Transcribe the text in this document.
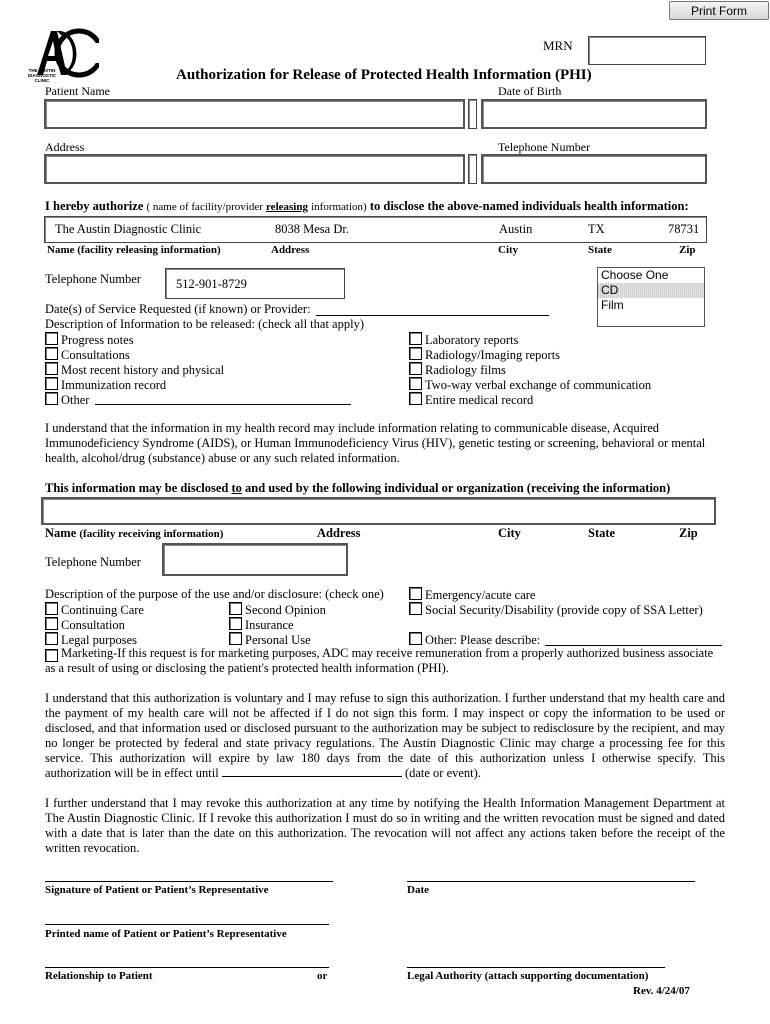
Print Form
THE AUSTIN DIAGNOSTIC CLINIC
MRN
Authorization for Release of Protected Health Information (PHI)
Patient Name	Date of Birth
Address	Telephone Number
I hereby authorize ( name of facility/provider releasing information) to disclose the above-named individuals health information:
The Austin Diagnostic Clinic	8038 Mesa Dr.	Austin	TX	78731
Name (facility releasing information)	Address	City	State	Zip
Telephone Number	512-901-8729
Choose One
CD
Film
Date(s) of Service Requested (if known) or Provider:
Description of Information to be released: (check all that apply)
Progress notes
Consultations
Most recent history and physical
Immunization record
Other
Laboratory reports
Radiology/Imaging reports
Radiology films
Two-way verbal exchange of communication
Entire medical record
I understand that the information in my health record may include information relating to communicable disease, Acquired Immunodeficiency Syndrome (AIDS), or Human Immunodeficiency Virus (HIV), genetic testing or screening, behavioral or mental health, alcohol/drug (substance) abuse or any such related information.
This information may be disclosed to and used by the following individual or organization (receiving the information)
Name (facility receiving information)	Address	City	State	Zip
Telephone Number
Description of the purpose of the use and/or disclosure: (check one)
Continuing Care
Consultation
Legal purposes
Second Opinion
Insurance
Personal Use
Emergency/acute care
Social Security/Disability (provide copy of SSA Letter)
Other: Please describe:
Marketing-If this request is for marketing purposes, ADC may receive remuneration from a properly authorized business associate as a result of using or disclosing the patient's protected health information (PHI).
I understand that this authorization is voluntary and I may refuse to sign this authorization. I further understand that my health care and the payment of my health care will not be affected if I do not sign this form. I may inspect or copy the information to be used or disclosed, and that information used or disclosed pursuant to the authorization may be subject to redisclosure by the recipient, and may no longer be protected by federal and state privacy regulations. The Austin Diagnostic Clinic may charge a processing fee for this service. This authorization will expire by law 180 days from the date of this authorization unless I otherwise specify. This
authorization will be in effect until	(date or event).
I further understand that I may revoke this authorization at any time by notifying the Health Information Management Department at The Austin Diagnostic Clinic. If I revoke this authorization I must do so in writing and the written revocation must be signed and dated with a date that is later than the date on this authorization. The revocation will not affect any actions taken before the receipt of the written revocation.
Signature of Patient or Patient’s Representative	Date
Printed name of Patient or Patient’s Representative
Relationship to Patient	or	Legal Authority (attach supporting documentation)
Rev. 4/24/07
